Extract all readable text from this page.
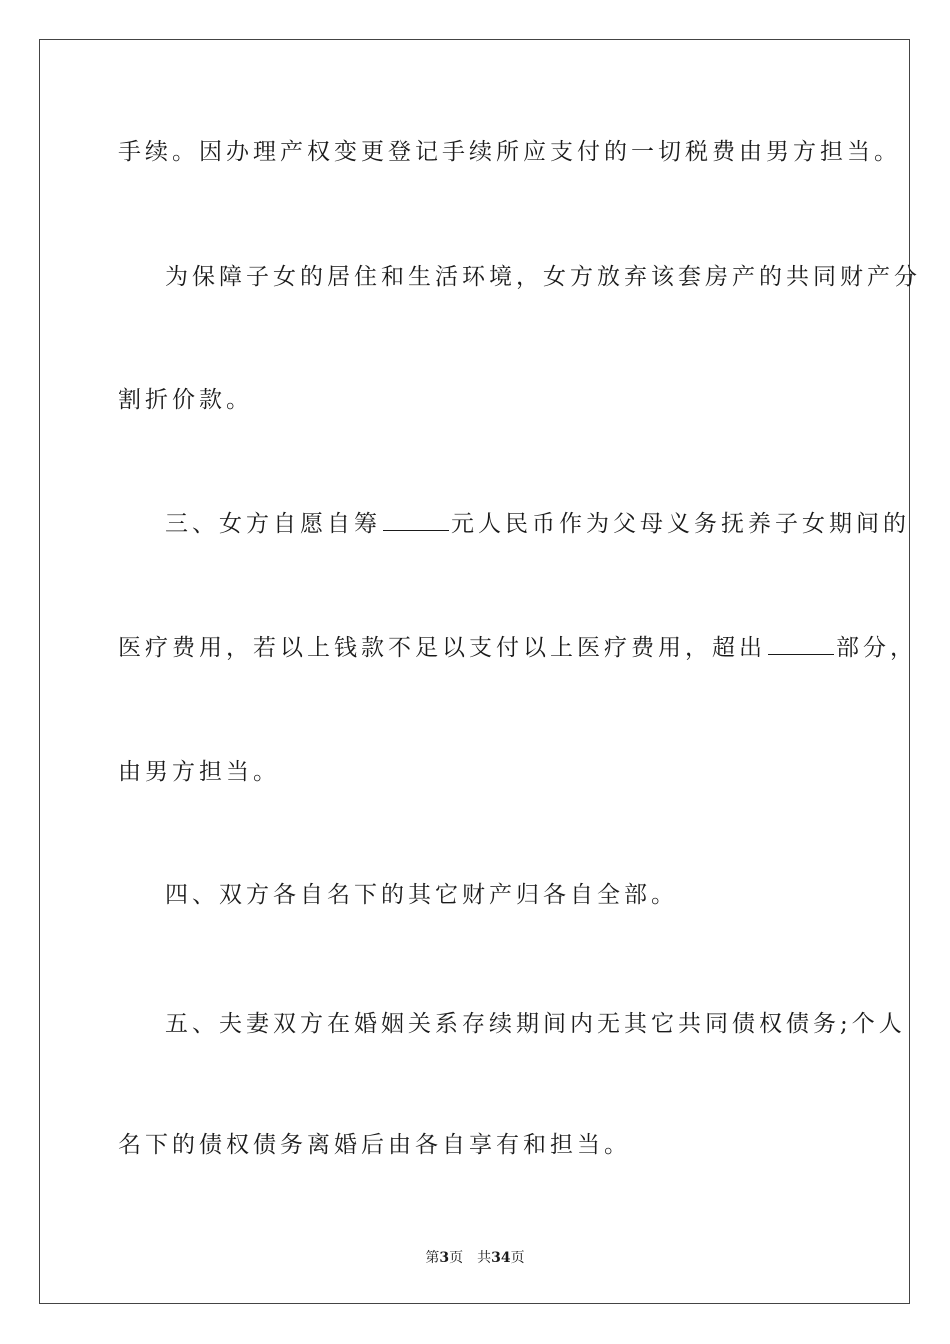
手续。因办理产权变更登记手续所应支付的一切税费由男方担当。
为保障子女的居住和生活环境，女方放弃该套房产的共同财产分
割折价款。
三、女方自愿自筹	元人民币作为父母义务抚养子女期间的
医疗费用，若以上钱款不足以支付以上医疗费用，超出	部分，
由男方担当。
四、双方各自名下的其它财产归各自全部。
五、夫妻双方在婚姻关系存续期间内无其它共同债权债务;个人
名下的债权债务离婚后由各自享有和担当。
第3页 共34页
